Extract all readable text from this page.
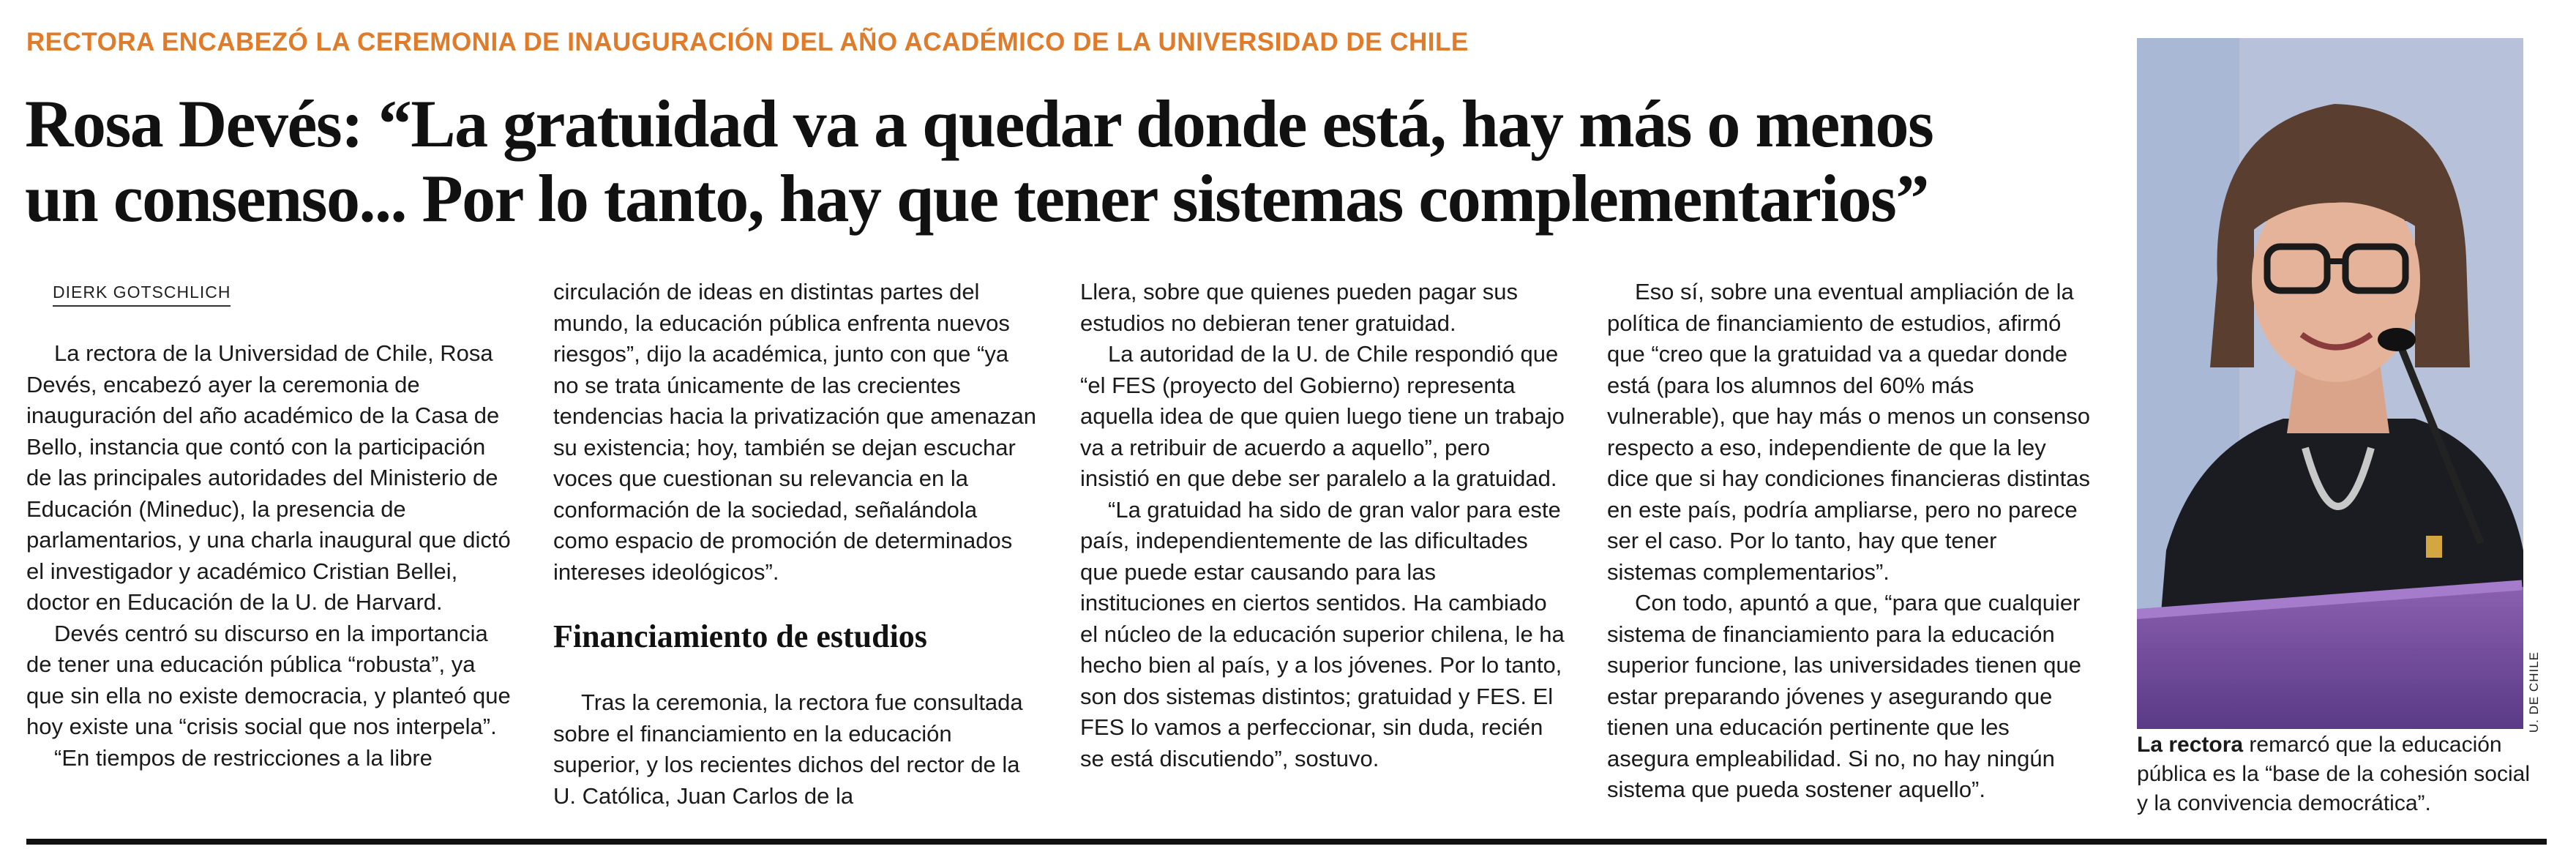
RECTORA ENCABEZÓ LA CEREMONIA DE INAUGURACIÓN DEL AÑO ACADÉMICO DE LA UNIVERSIDAD DE CHILE
Rosa Devés: “La gratuidad va a quedar donde está, hay más o menos
un consenso... Por lo tanto, hay que tener sistemas complementarios”
DIERK GOTSCHLICH

La rectora de la Universidad de Chile, Rosa Devés, encabezó ayer la ceremonia de inauguración del año académico de la Casa de Bello, instancia que contó con la participación de las principales autoridades del Ministerio de Educación (Mineduc), la presencia de parlamentarios, y una charla inaugural que dictó el investigador y académico Cristian Bellei, doctor en Educación de la U. de Harvard.

Devés centró su discurso en la importancia de tener una educación pública “robusta”, ya que sin ella no existe democracia, y planteó que hoy existe una “crisis social que nos interpela”.

“En tiempos de restricciones a la libre

circulación de ideas en distintas partes del mundo, la educación pública enfrenta nuevos riesgos”, dijo la académica, junto con que “ya no se trata únicamente de las crecientes tendencias hacia la privatización que amenazan su existencia; hoy, también se dejan escuchar voces que cuestionan su relevancia en la conformación de la sociedad, señalándola como espacio de promoción de determinados intereses ideológicos”.

Financiamiento de estudios

Tras la ceremonia, la rectora fue consultada sobre el financiamiento en la educación superior, y los recientes dichos del rector de la U. Católica, Juan Carlos de la

Llera, sobre que quienes pueden pagar sus estudios no debieran tener gratuidad.

La autoridad de la U. de Chile respondió que “el FES (proyecto del Gobierno) representa aquella idea de que quien luego tiene un trabajo va a retribuir de acuerdo a aquello”, pero insistió en que debe ser paralelo a la gratuidad.

“La gratuidad ha sido de gran valor para este país, independientemente de las dificultades que puede estar causando para las instituciones en ciertos sentidos. Ha cambiado el núcleo de la educación superior chilena, le ha hecho bien al país, y a los jóvenes. Por lo tanto, son dos sistemas distintos; gratuidad y FES. El FES lo vamos a perfeccionar, sin duda, recién se está discutiendo”, sostuvo.

Eso sí, sobre una eventual ampliación de la política de financiamiento de estudios, afirmó que “creo que la gratuidad va a quedar donde está (para los alumnos del 60% más vulnerable), que hay más o menos un consenso respecto a eso, independiente de que la ley dice que si hay condiciones financieras distintas en este país, podría ampliarse, pero no parece ser el caso. Por lo tanto, hay que tener sistemas complementarios”.

Con todo, apuntó a que, “para que cualquier sistema de financiamiento para la educación superior funcione, las universidades tienen que estar preparando jóvenes y asegurando que tienen una educación pertinente que les asegura empleabilidad. Si no, no hay ningún sistema que pueda sostener aquello”.

U. DE CHILE
La rectora remarcó que la educación pública es la “base de la cohesión social y la convivencia democrática”.
